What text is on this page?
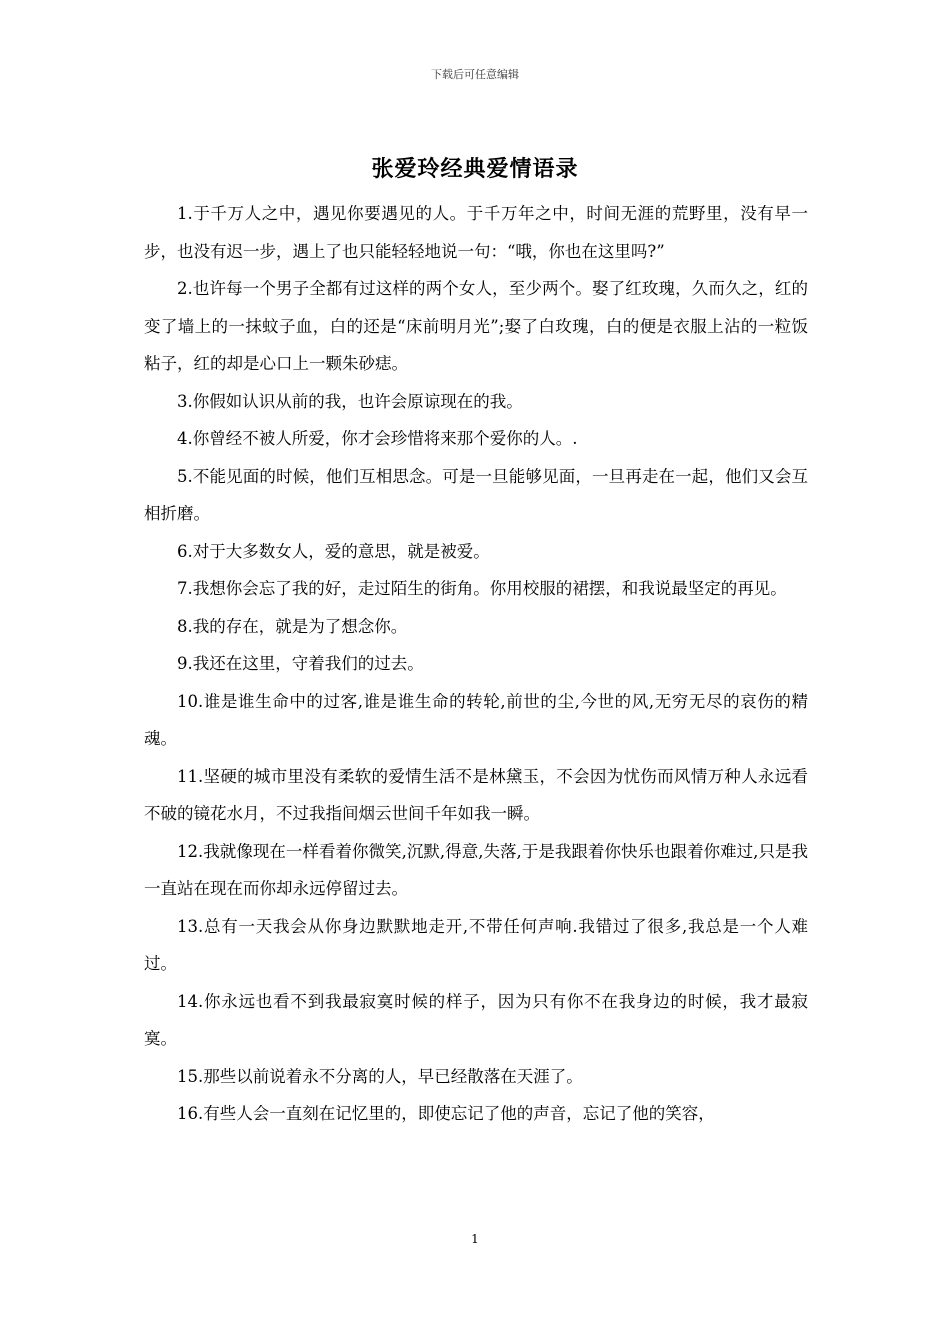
下载后可任意编辑
张爱玲经典爱情语录

1.于千万人之中，遇见你要遇见的人。于千万年之中，时间无涯的荒野里，没有早一步，也没有迟一步，遇上了也只能轻轻地说一句：“哦，你也在这里吗?”

2.也许每一个男子全都有过这样的两个女人，至少两个。娶了红玫瑰，久而久之，红的变了墙上的一抹蚊子血，白的还是“床前明月光”;娶了白玫瑰，白的便是衣服上沾的一粒饭粘子，红的却是心口上一颗朱砂痣。

3.你假如认识从前的我，也许会原谅现在的我。

4.你曾经不被人所爱，你才会珍惜将来那个爱你的人。.

5.不能见面的时候，他们互相思念。可是一旦能够见面，一旦再走在一起，他们又会互相折磨。

6.对于大多数女人，爱的意思，就是被爱。

7.我想你会忘了我的好，走过陌生的街角。你用校服的裙摆，和我说最坚定的再见。

8.我的存在，就是为了想念你。

9.我还在这里，守着我们的过去。

10.谁是谁生命中的过客,谁是谁生命的转轮,前世的尘,今世的风,无穷无尽的哀伤的精魂。

11.坚硬的城市里没有柔软的爱情生活不是林黛玉，不会因为忧伤而风情万种人永远看不破的镜花水月，不过我指间烟云世间千年如我一瞬。

12.我就像现在一样看着你微笑,沉默,得意,失落,于是我跟着你快乐也跟着你难过,只是我一直站在现在而你却永远停留过去。

13.总有一天我会从你身边默默地走开,不带任何声响.我错过了很多,我总是一个人难过。

14.你永远也看不到我最寂寞时候的样子，因为只有你不在我身边的时候，我才最寂寞。

15.那些以前说着永不分离的人，早已经散落在天涯了。

16.有些人会一直刻在记忆里的，即使忘记了他的声音，忘记了他的笑容，

1
